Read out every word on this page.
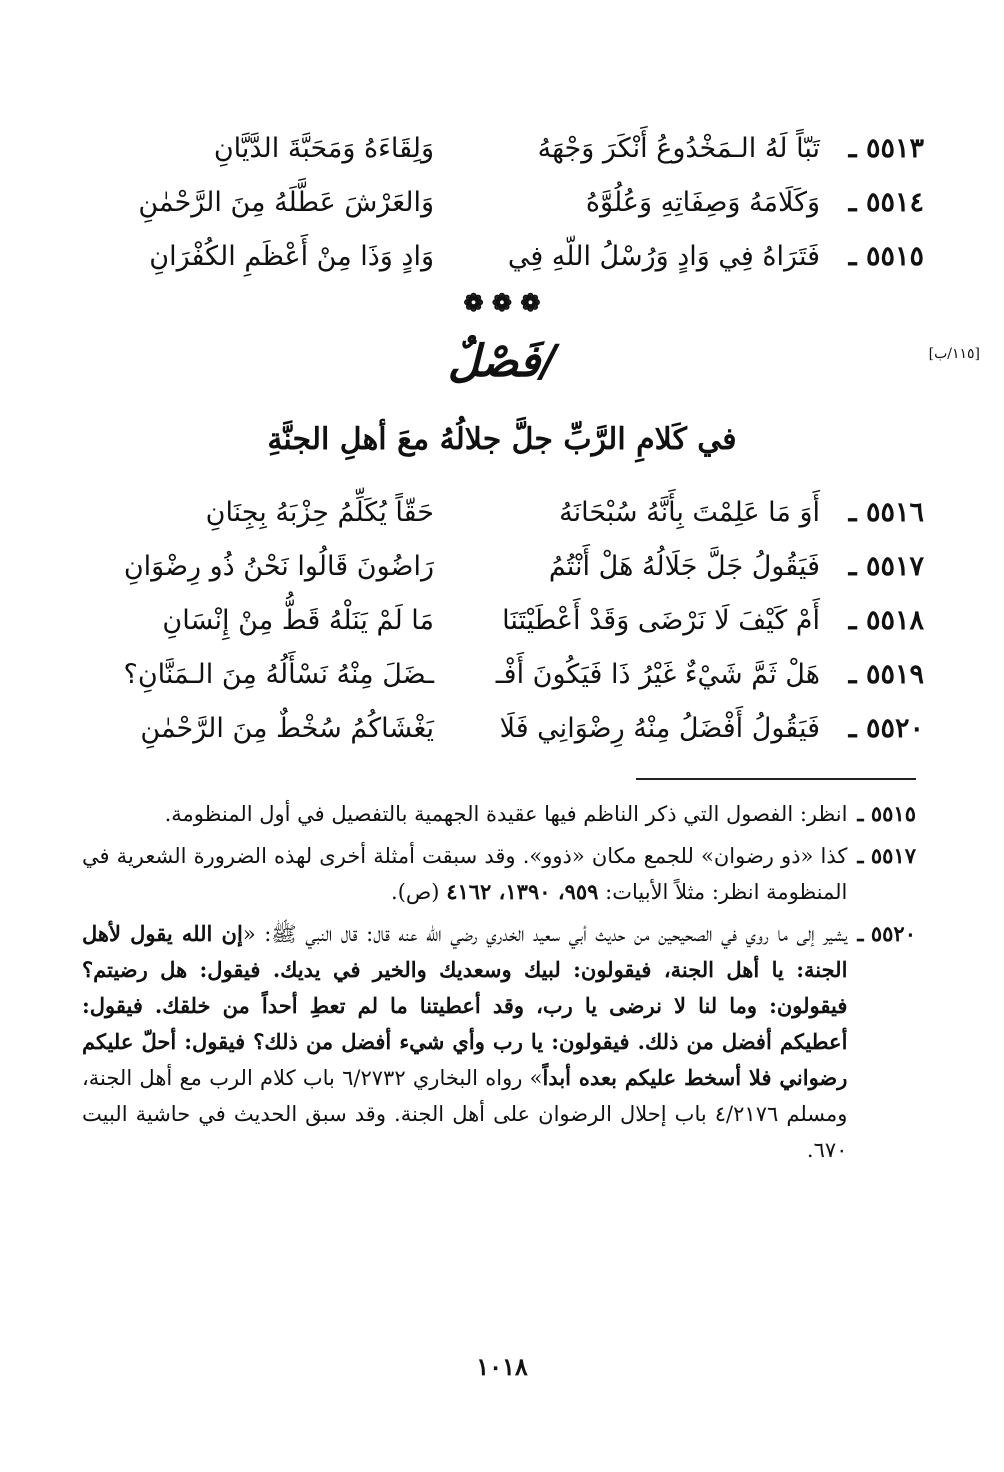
٥٥١٣ ـ
تَبّاً لَهُ الـمَخْدُوعُ أَنْكَرَ وَجْهَهُ
وَلِقَاءَهُ وَمَحَبَّةَ الدَّيَّانِ
٥٥١٤ ـ
وَكَلَامَهُ وَصِفَاتِهِ وَعُلُوَّهُ
وَالعَرْشَ عَطَّلَهُ مِنَ الرَّحْمٰنِ
٥٥١٥ ـ
فَتَرَاهُ فِي وَادٍ وَرُسْلُ اللّهِ فِي
وَادٍ وَذَا مِنْ أَعْظَمِ الكُفْرَانِ
❁ ❁ ❁
[١١٥/ب]
/فَصْلٌ
في كَلامِ الرَّبِّ جلَّ جلالُهُ معَ أهلِ الجنَّةِ
٥٥١٦ ـ
أَوَ مَا عَلِمْتَ بِأَنَّهُ سُبْحَانَهُ
حَقّاً يُكَلِّمُ حِزْبَهُ بِجِنَانِ
٥٥١٧ ـ
فَيَقُولُ جَلَّ جَلَالُهُ هَلْ أَنْتُمُ
رَاضُونَ قَالُوا نَحْنُ ذُو رِضْوَانِ
٥٥١٨ ـ
أَمْ كَيْفَ لَا نَرْضَى وَقَدْ أَعْطَيْتَنَا
مَا لَمْ يَنَلْهُ قَطُّ مِنْ إِنْسَانِ
٥٥١٩ ـ
هَلْ ثَمَّ شَيْءٌ غَيْرُ ذَا فَيَكُونَ أَفْـ
ـضَلَ مِنْهُ نَسْأَلُهُ مِنَ الـمَنَّانِ؟
٥٥٢٠ ـ
فَيَقُولُ أَفْضَلُ مِنْهُ رِضْوَانِي فَلَا
يَغْشَاكُمُ سُخْطٌ مِنَ الرَّحْمٰنِ
٥٥١٥ ـ
انظر: الفصول التي ذكر الناظم فيها عقيدة الجهمية بالتفصيل في أول المنظومة.
٥٥١٧ ـ
كذا «ذو رضوان» للجمع مكان «ذوو». وقد سبقت أمثلة أخرى لهذه الضرورة الشعرية في المنظومة انظر: مثلاً الأبيات: ٩٥٩، ١٣٩٠، ٤١٦٢ (ص).
٥٥٢٠ ـ
يشير إلى ما روي في الصحيحين من حديث أبي سعيد الخدري رضي الله عنه قال: قال النبي ﷺ: «إن الله يقول لأهل الجنة: يا أهل الجنة، فيقولون: لبيك وسعديك والخير في يديك. فيقول: هل رضيتم؟ فيقولون: وما لنا لا نرضى يا رب، وقد أعطيتنا ما لم تعطِ أحداً من خلقك. فيقول: أعطيكم أفضل من ذلك. فيقولون: يا رب وأي شيء أفضل من ذلك؟ فيقول: أحلّ عليكم رضواني فلا أسخط عليكم بعده أبداً» رواه البخاري ٦/٢٧٣٢ باب كلام الرب مع أهل الجنة، ومسلم ٤/٢١٧٦ باب إحلال الرضوان على أهل الجنة. وقد سبق الحديث في حاشية البيت ٦٧٠.
١٠١٨
